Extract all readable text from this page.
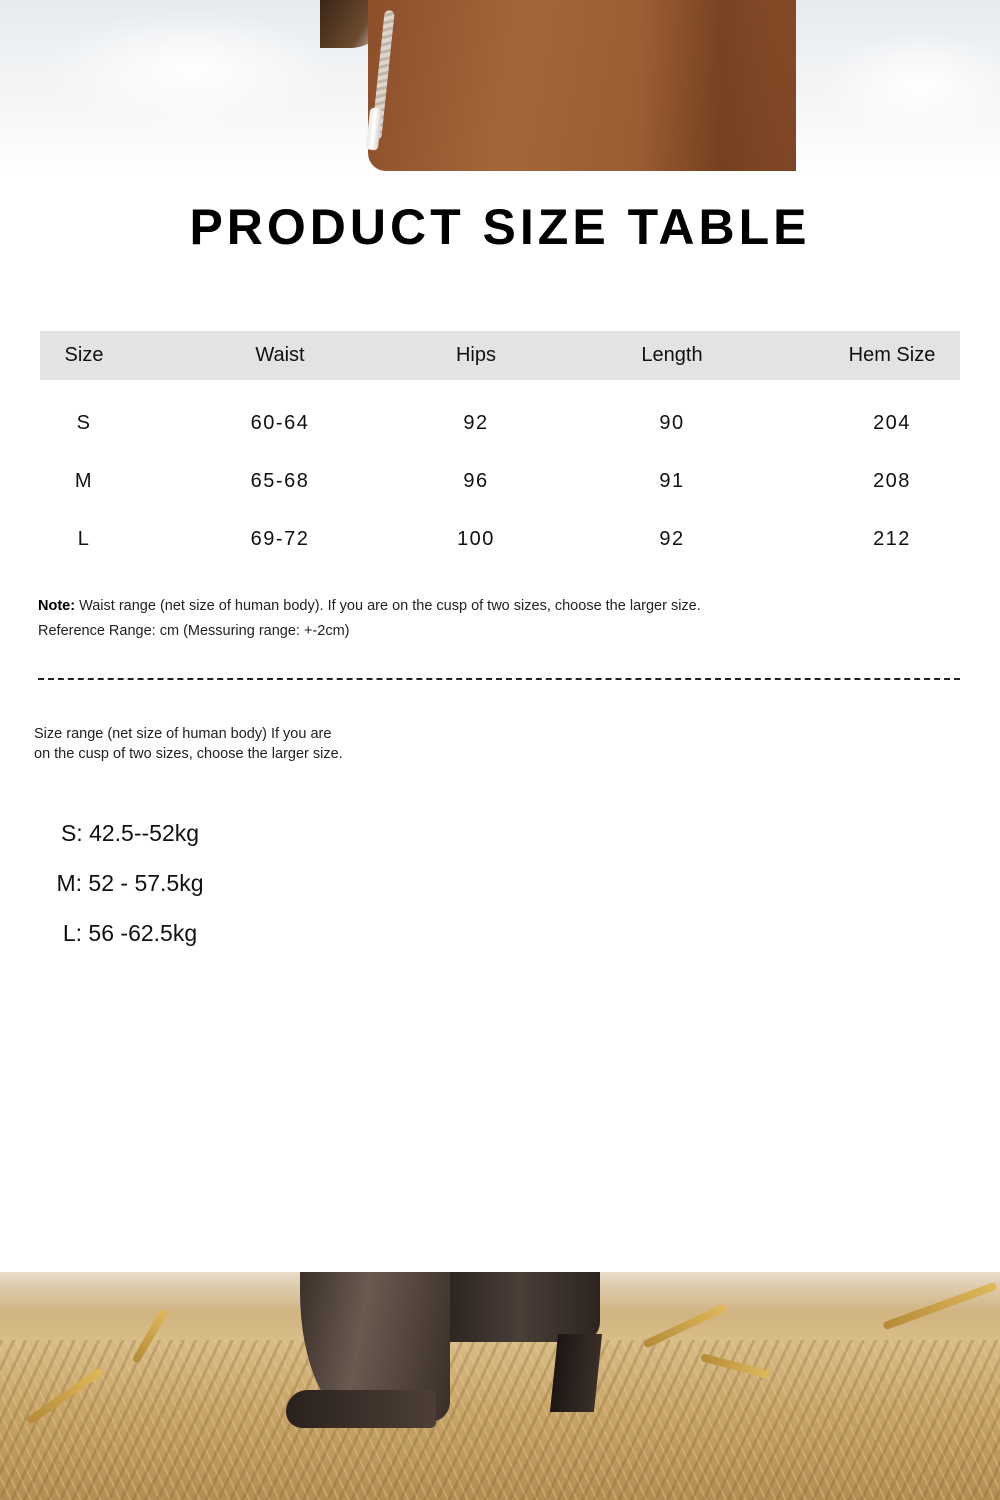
PRODUCT SIZE TABLE
Size	Waist	Hips	Length	Hem Size

S	60-64	92	90	204
M	65-68	96	91	208
L	69-72	100	92	212
Note: Waist range (net size of human body). If you are on the cusp of two sizes, choose the larger size.
Reference Range: cm (Messuring range: +-2cm)
Size range (net size of human body) If you are
on the cusp of two sizes, choose the larger size.
S: 42.5--52kg
M: 52 - 57.5kg
L: 56 -62.5kg
